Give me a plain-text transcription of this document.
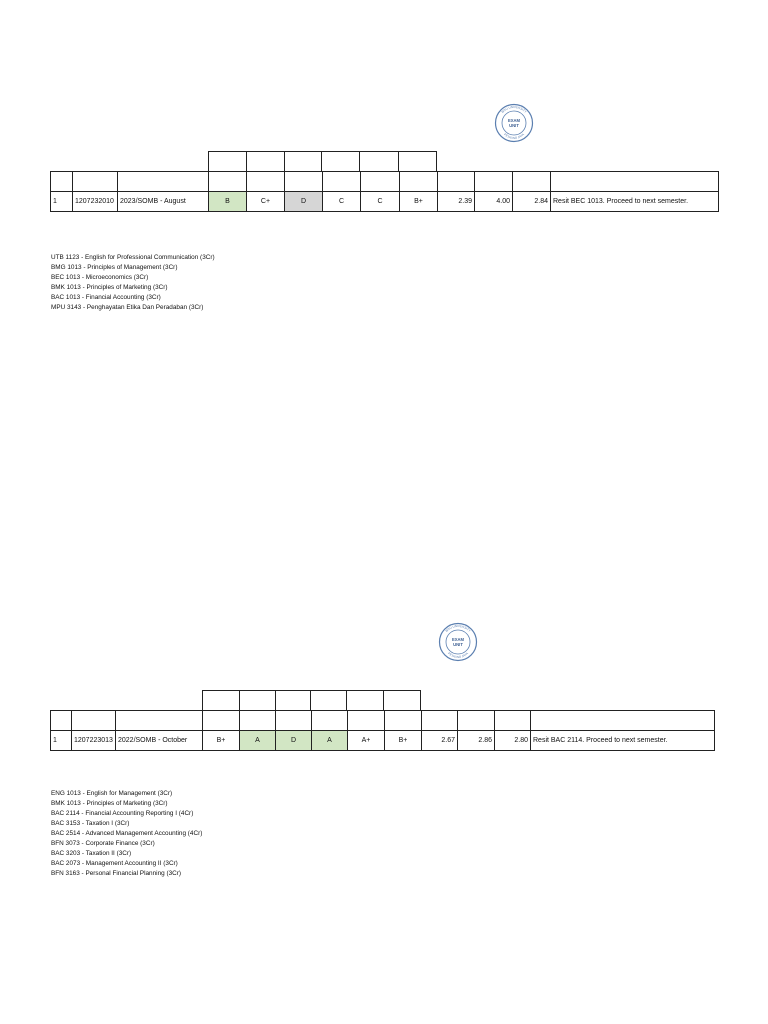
EXAM
UNIT
MSU UNIVERSITY
PETALING JAYA

1	1207232010	2023/SOMB - August	B	C+	D	C	C	B+	2.39	4.00	2.84	Resit BEC 1013. Proceed to next semester.
UTB 1123 - English for Professional Communication (3Cr)
BMG 1013 - Principles of Management (3Cr)
BEC 1013 - Microeconomics (3Cr)
BMK 1013 - Principles of Marketing (3Cr)
BAC 1013 - Financial Accounting (3Cr)
MPU 3143 - Penghayatan Etika Dan Peradaban (3Cr)
EXAM
UNIT
MSU UNIVERSITY
PETALING JAYA

1	1207223013	2022/SOMB - October	B+	A	D	A	A+	B+	2.67	2.86	2.80	Resit BAC 2114. Proceed to next semester.
ENG 1013 - English for Management (3Cr)
BMK 1013 - Principles of Marketing (3Cr)
BAC 2114 - Financial Accounting Reporting I (4Cr)
BAC 3153 - Taxation I (3Cr)
BAC 2514 - Advanced Management Accounting (4Cr)
BFN 3073 - Corporate Finance (3Cr)
BAC 3203 - Taxation II (3Cr)
BAC 2073 - Management Accounting II (3Cr)
BFN 3163 - Personal Financial Planning (3Cr)
